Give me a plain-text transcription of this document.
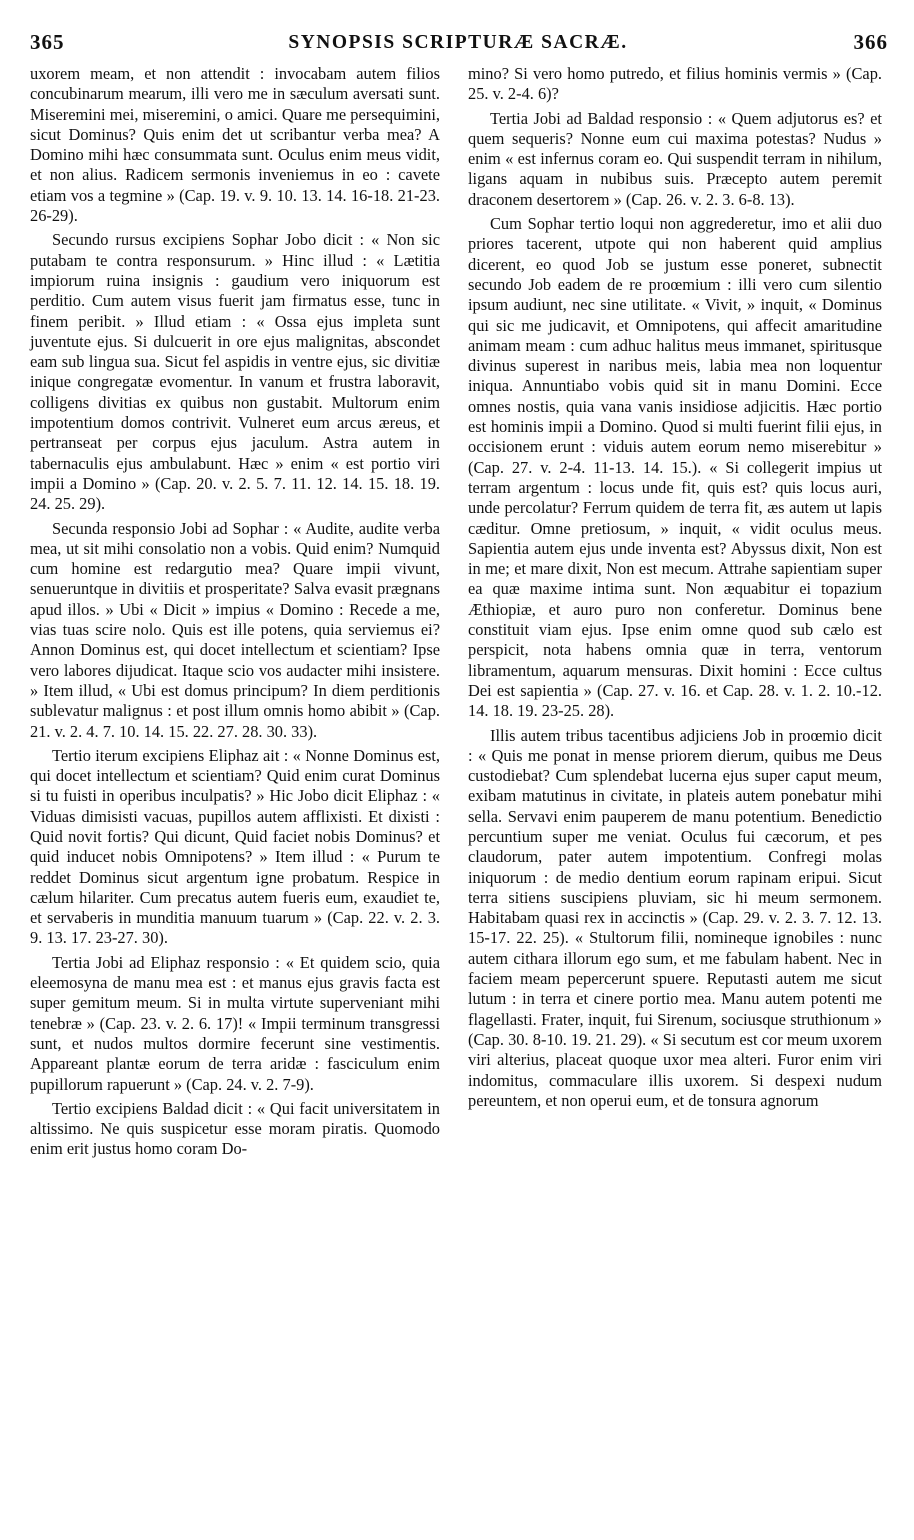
365	SYNOPSIS SCRIPTURÆ SACRÆ.	366

uxorem meam, et non attendit : invocabam autem filios concubinarum mearum, illi vero me in sæculum aversati sunt. Miseremini mei, miseremini, o amici. Quare me persequimini, sicut Dominus? Quis enim det ut scribantur verba mea? A Domino mihi hæc consummata sunt. Oculus enim meus vidit, et non alius. Radicem sermonis inveniemus in eo : cavete etiam vos a tegmine » (Cap. 19. v. 9. 10. 13. 14. 16-18. 21-23. 26-29).

Secundo rursus excipiens Sophar Jobo dicit : « Non sic putabam te contra responsurum. » Hinc illud : « Lætitia impiorum ruina insignis : gaudium vero iniquorum est perditio. Cum autem visus fuerit jam firmatus esse, tunc in finem peribit. » Illud etiam : « Ossa ejus impleta sunt juventute ejus. Si dulcuerit in ore ejus malignitas, abscondet eam sub lingua sua. Sicut fel aspidis in ventre ejus, sic divitiæ inique congregatæ evomentur. In vanum et frustra laboravit, colligens divitias ex quibus non gustabit. Multorum enim impotentium domos contrivit. Vulneret eum arcus æreus, et pertranseat per corpus ejus jaculum. Astra autem in tabernaculis ejus ambulabunt. Hæc » enim « est portio viri impii a Domino » (Cap. 20. v. 2. 5. 7. 11. 12. 14. 15. 18. 19. 24. 25. 29).

Secunda responsio Jobi ad Sophar : « Audite, audite verba mea, ut sit mihi consolatio non a vobis. Quid enim? Numquid cum homine est redargutio mea? Quare impii vivunt, senueruntque in divitiis et prosperitate? Salva evasit prægnans apud illos. » Ubi « Dicit » impius « Domino : Recede a me, vias tuas scire nolo. Quis est ille potens, quia serviemus ei? Annon Dominus est, qui docet intellectum et scientiam? Ipse vero labores dijudicat. Itaque scio vos audacter mihi insistere. » Item illud, « Ubi est domus principum? In diem perditionis sublevatur malignus : et post illum omnis homo abibit » (Cap. 21. v. 2. 4. 7. 10. 14. 15. 22. 27. 28. 30. 33).

Tertio iterum excipiens Eliphaz ait : « Nonne Dominus est, qui docet intellectum et scientiam? Quid enim curat Dominus si tu fuisti in operibus inculpatis? » Hic Jobo dicit Eliphaz : « Viduas dimisisti vacuas, pupillos autem afflixisti. Et dixisti : Quid novit fortis? Qui dicunt, Quid faciet nobis Dominus? et quid inducet nobis Omnipotens? » Item illud : « Purum te reddet Dominus sicut argentum igne probatum. Respice in cælum hilariter. Cum precatus autem fueris eum, exaudiet te, et servaberis in munditia manuum tuarum » (Cap. 22. v. 2. 3. 9. 13. 17. 23-27. 30).

Tertia Jobi ad Eliphaz responsio : « Et quidem scio, quia eleemosyna de manu mea est : et manus ejus gravis facta est super gemitum meum. Si in multa virtute superveniant mihi tenebræ » (Cap. 23. v. 2. 6. 17)! « Impii terminum transgressi sunt, et nudos multos dormire fecerunt sine vestimentis. Appareant plantæ eorum de terra aridæ : fasciculum enim pupillorum rapuerunt » (Cap. 24. v. 2. 7-9).

Tertio excipiens Baldad dicit : « Qui facit universitatem in altissimo. Ne quis suspicetur esse moram piratis. Quomodo enim erit justus homo coram Do-

mino? Si vero homo putredo, et filius hominis vermis » (Cap. 25. v. 2-4. 6)?

Tertia Jobi ad Baldad responsio : « Quem adjutorus es? et quem sequeris? Nonne eum cui maxima potestas? Nudus » enim « est infernus coram eo. Qui suspendit terram in nihilum, ligans aquam in nubibus suis. Præcepto autem peremit draconem desertorem » (Cap. 26. v. 2. 3. 6-8. 13).

Cum Sophar tertio loqui non aggrederetur, imo et alii duo priores tacerent, utpote qui non haberent quid amplius dicerent, eo quod Job se justum esse poneret, subnectit secundo Job eadem de re proœmium : illi vero cum silentio ipsum audiunt, nec sine utilitate. « Vivit, » inquit, « Dominus qui sic me judicavit, et Omnipotens, qui affecit amaritudine animam meam : cum adhuc halitus meus immanet, spiritusque divinus superest in naribus meis, labia mea non loquentur iniqua. Annuntiabo vobis quid sit in manu Domini. Ecce omnes nostis, quia vana vanis insidiose adjicitis. Hæc portio est hominis impii a Domino. Quod si multi fuerint filii ejus, in occisionem erunt : viduis autem eorum nemo miserebitur » (Cap. 27. v. 2-4. 11-13. 14. 15.). « Si collegerit impius ut terram argentum : locus unde fit, quis est? quis locus auri, unde percolatur? Ferrum quidem de terra fit, æs autem ut lapis cæditur. Omne pretiosum, » inquit, « vidit oculus meus. Sapientia autem ejus unde inventa est? Abyssus dixit, Non est in me; et mare dixit, Non est mecum. Attrahe sapientiam super ea quæ maxime intima sunt. Non æquabitur ei topazium Æthiopiæ, et auro puro non conferetur. Dominus bene constituit viam ejus. Ipse enim omne quod sub cælo est perspicit, nota habens omnia quæ in terra, ventorum libramentum, aquarum mensuras. Dixit homini : Ecce cultus Dei est sapientia » (Cap. 27. v. 16. et Cap. 28. v. 1. 2. 10.-12. 14. 18. 19. 23-25. 28).

Illis autem tribus tacentibus adjiciens Job in proœmio dicit : « Quis me ponat in mense priorem dierum, quibus me Deus custodiebat? Cum splendebat lucerna ejus super caput meum, exibam matutinus in civitate, in plateis autem ponebatur mihi sella. Servavi enim pauperem de manu potentium. Benedictio percuntium super me veniat. Oculus fui cæcorum, et pes claudorum, pater autem impotentium. Confregi molas iniquorum : de medio dentium eorum rapinam eripui. Sicut terra sitiens suscipiens pluviam, sic hi meum sermonem. Habitabam quasi rex in accinctis » (Cap. 29. v. 2. 3. 7. 12. 13. 15-17. 22. 25). « Stultorum filii, nomineque ignobiles : nunc autem cithara illorum ego sum, et me fabulam habent. Nec in faciem meam pepercerunt spuere. Reputasti autem me sicut lutum : in terra et cinere portio mea. Manu autem potenti me flagellasti. Frater, inquit, fui Sirenum, sociusque struthionum » (Cap. 30. 8-10. 19. 21. 29). « Si secutum est cor meum uxorem viri alterius, placeat quoque uxor mea alteri. Furor enim viri indomitus, commaculare illis uxorem. Si despexi nudum pereuntem, et non operui eum, et de tonsura agnorum
